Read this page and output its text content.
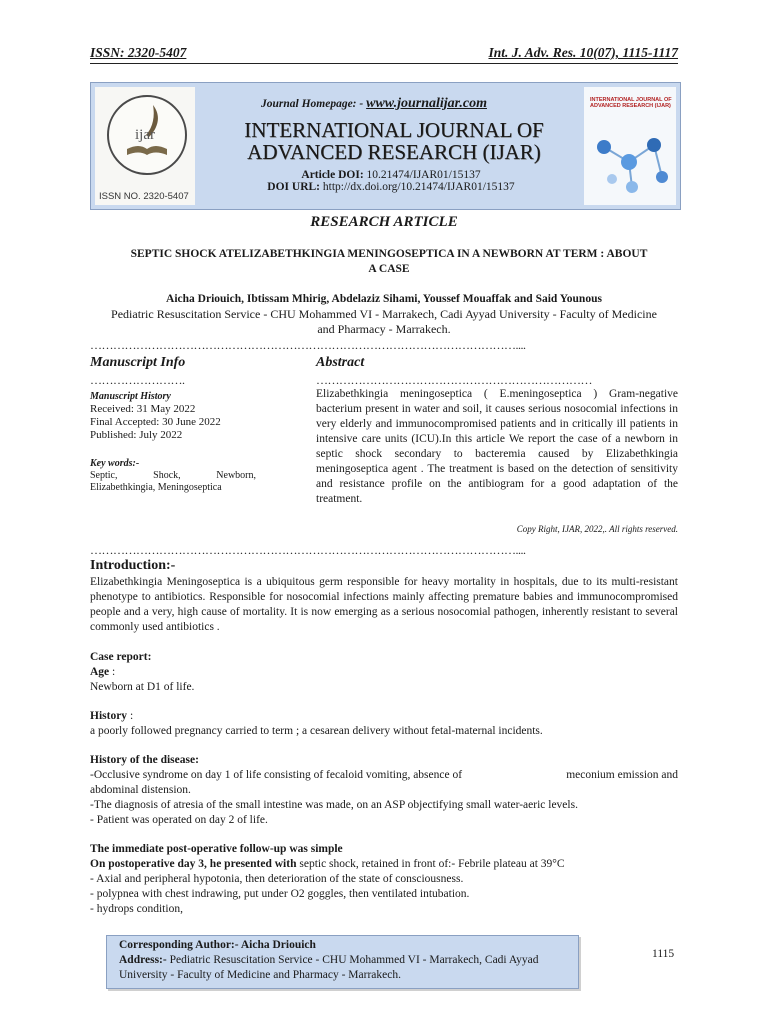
ISSN: 2320-5407	Int. J. Adv. Res. 10(07), 1115-1117
ijar
ISSN NO. 2320-5407
Journal Homepage: - www.journalijar.com
INTERNATIONAL JOURNAL OF
ADVANCED RESEARCH (IJAR)
Article DOI: 10.21474/IJAR01/15137
DOI URL: http://dx.doi.org/10.21474/IJAR01/15137
INTERNATIONAL JOURNAL OF ADVANCED RESEARCH (IJAR)
RESEARCH ARTICLE
SEPTIC SHOCK ATELIZABETHKINGIA MENINGOSEPTICA IN A NEWBORN AT TERM : ABOUT
A CASE
Aicha Driouich, Ibtissam Mhirig, Abdelaziz Sihami, Youssef Mouaffak and Said Younous
Pediatric Resuscitation Service - CHU Mohammed VI - Marrakech, Cadi Ayyad University - Faculty of Medicine
and Pharmacy - Marrakech.
…………………………………………………………………………………………………....
Manuscript Info
…………………….
Manuscript History
Received: 31 May 2022
Final Accepted: 30 June 2022
Published: July 2022
Key words:-
Septic,	Shock,	Newborn,
Elizabethkingia, Meningoseptica
Abstract
………………………………………………………………
Elizabethkingia meningoseptica ( E.meningoseptica ) Gram-negative bacterium present in water and soil, it causes serious nosocomial infections in very elderly and immunocompromised patients and in critically ill patients in intensive care units (ICU).In this article We report the case of a newborn in septic shock secondary to bacteremia caused by Elizabethkingia meningoseptica agent . The treatment is based on the detection of sensitivity and resistance profile on the antibiogram for a good adaptation of the treatment.
Copy Right, IJAR, 2022,. All rights reserved.
…………………………………………………………………………………………………....
Introduction:-
Elizabethkingia Meningoseptica is a ubiquitous germ responsible for heavy mortality in hospitals, due to its multi-resistant phenotype to antibiotics. Responsible for nosocomial infections mainly affecting premature babies and immunocompromised people and a very, high cause of mortality. It is now emerging as a serious nosocomial pathogen, inherently resistant to several commonly used antibiotics .
Case report:
Age :
Newborn at D1 of life.
History :
a poorly followed pregnancy carried to term ; a cesarean delivery without fetal-maternal incidents.
History of the disease:
-Occlusive syndrome on day 1 of life consisting of fecaloid vomiting, absence of	meconium emission and
abdominal distension.
-The diagnosis of atresia of the small intestine was made, on an ASP objectifying small water-aeric levels.
- Patient was operated on day 2 of life.
The immediate post-operative follow-up was simple
On postoperative day 3, he presented with septic shock, retained in front of:- Febrile plateau at 39°C
- Axial and peripheral hypotonia, then deterioration of the state of consciousness.
- polypnea with chest indrawing, put under O2 goggles, then ventilated intubation.
- hydrops condition,
Corresponding Author:- Aicha Driouich
Address:- Pediatric Resuscitation Service - CHU Mohammed VI - Marrakech, Cadi Ayyad
University - Faculty of Medicine and Pharmacy - Marrakech.
1115
